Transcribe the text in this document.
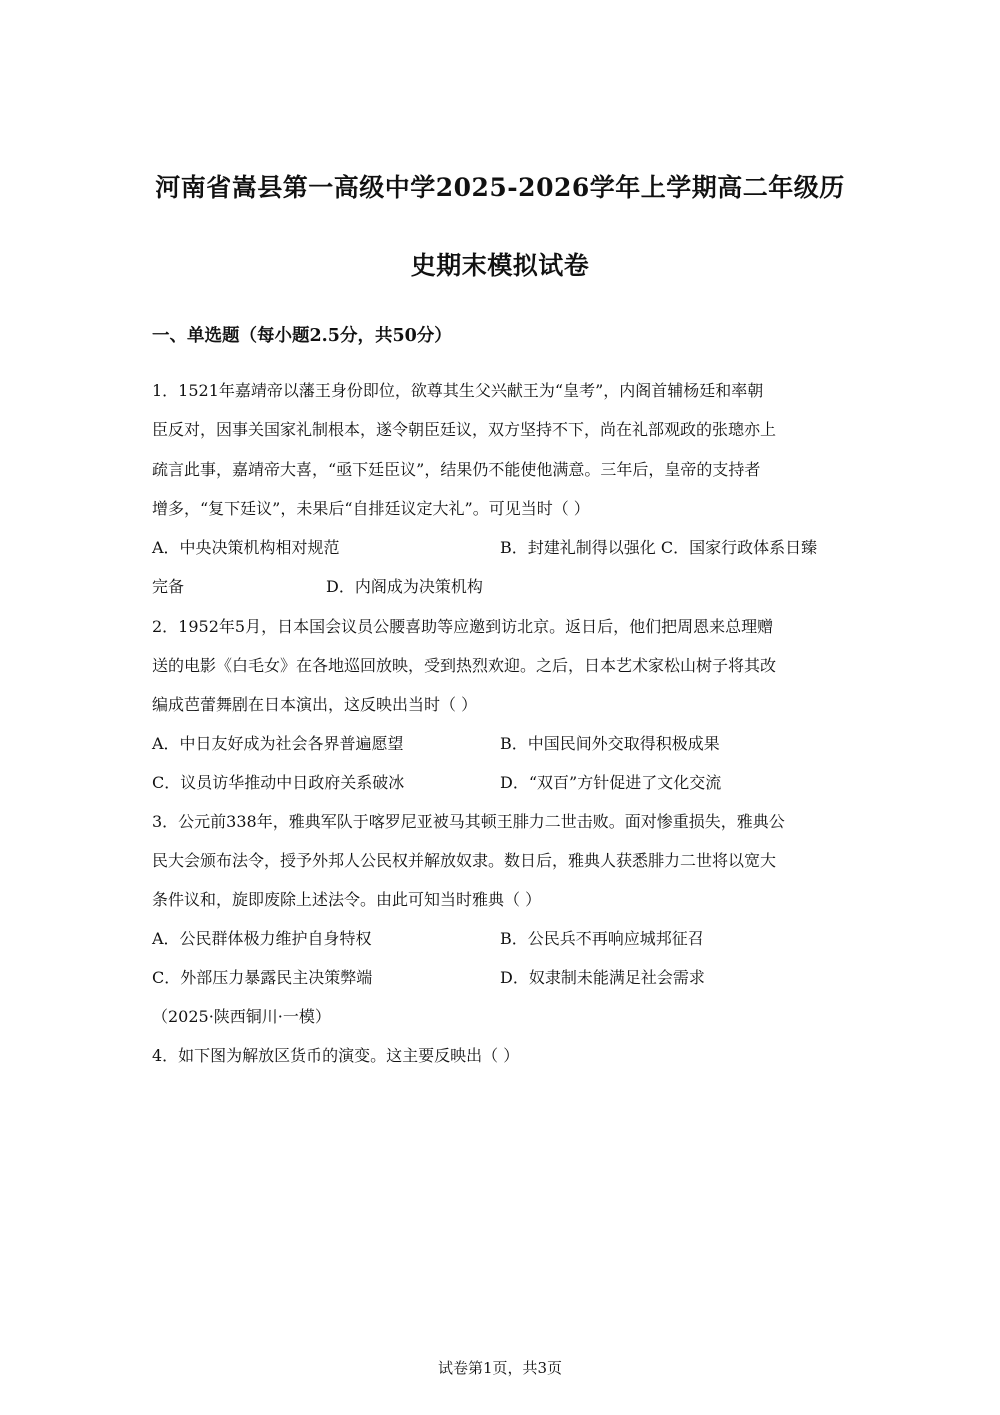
河南省嵩县第一高级中学2025-2026学年上学期高二年级历
史期末模拟试卷
一、单选题（每小题2.5分，共50分）
1．1521年嘉靖帝以藩王身份即位，欲尊其生父兴献王为“皇考”，内阁首辅杨廷和率朝
臣反对，因事关国家礼制根本，遂令朝臣廷议，双方坚持不下，尚在礼部观政的张璁亦上
疏言此事，嘉靖帝大喜，“亟下廷臣议”，结果仍不能使他满意。三年后，皇帝的支持者
增多，“复下廷议”，未果后“自排廷议定大礼”。可见当时（ ）
A．中央决策机构相对规范	B．封建礼制得以强化 C．国家行政体系日臻
完备	D．内阁成为决策机构
2．1952年5月，日本国会议员公腰喜助等应邀到访北京。返日后，他们把周恩来总理赠
送的电影《白毛女》在各地巡回放映，受到热烈欢迎。之后，日本艺术家松山树子将其改
编成芭蕾舞剧在日本演出，这反映出当时（ ）
A．中日友好成为社会各界普遍愿望	B．中国民间外交取得积极成果
C．议员访华推动中日政府关系破冰	D．“双百”方针促进了文化交流
3．公元前338年，雅典军队于喀罗尼亚被马其顿王腓力二世击败。面对惨重损失，雅典公
民大会颁布法令，授予外邦人公民权并解放奴隶。数日后，雅典人获悉腓力二世将以宽大
条件议和，旋即废除上述法令。由此可知当时雅典（ ）
A．公民群体极力维护自身特权	B．公民兵不再响应城邦征召
C．外部压力暴露民主决策弊端	D．奴隶制未能满足社会需求
（2025·陕西铜川·一模）
4．如下图为解放区货币的演变。这主要反映出（ ）
试卷第1页，共3页
